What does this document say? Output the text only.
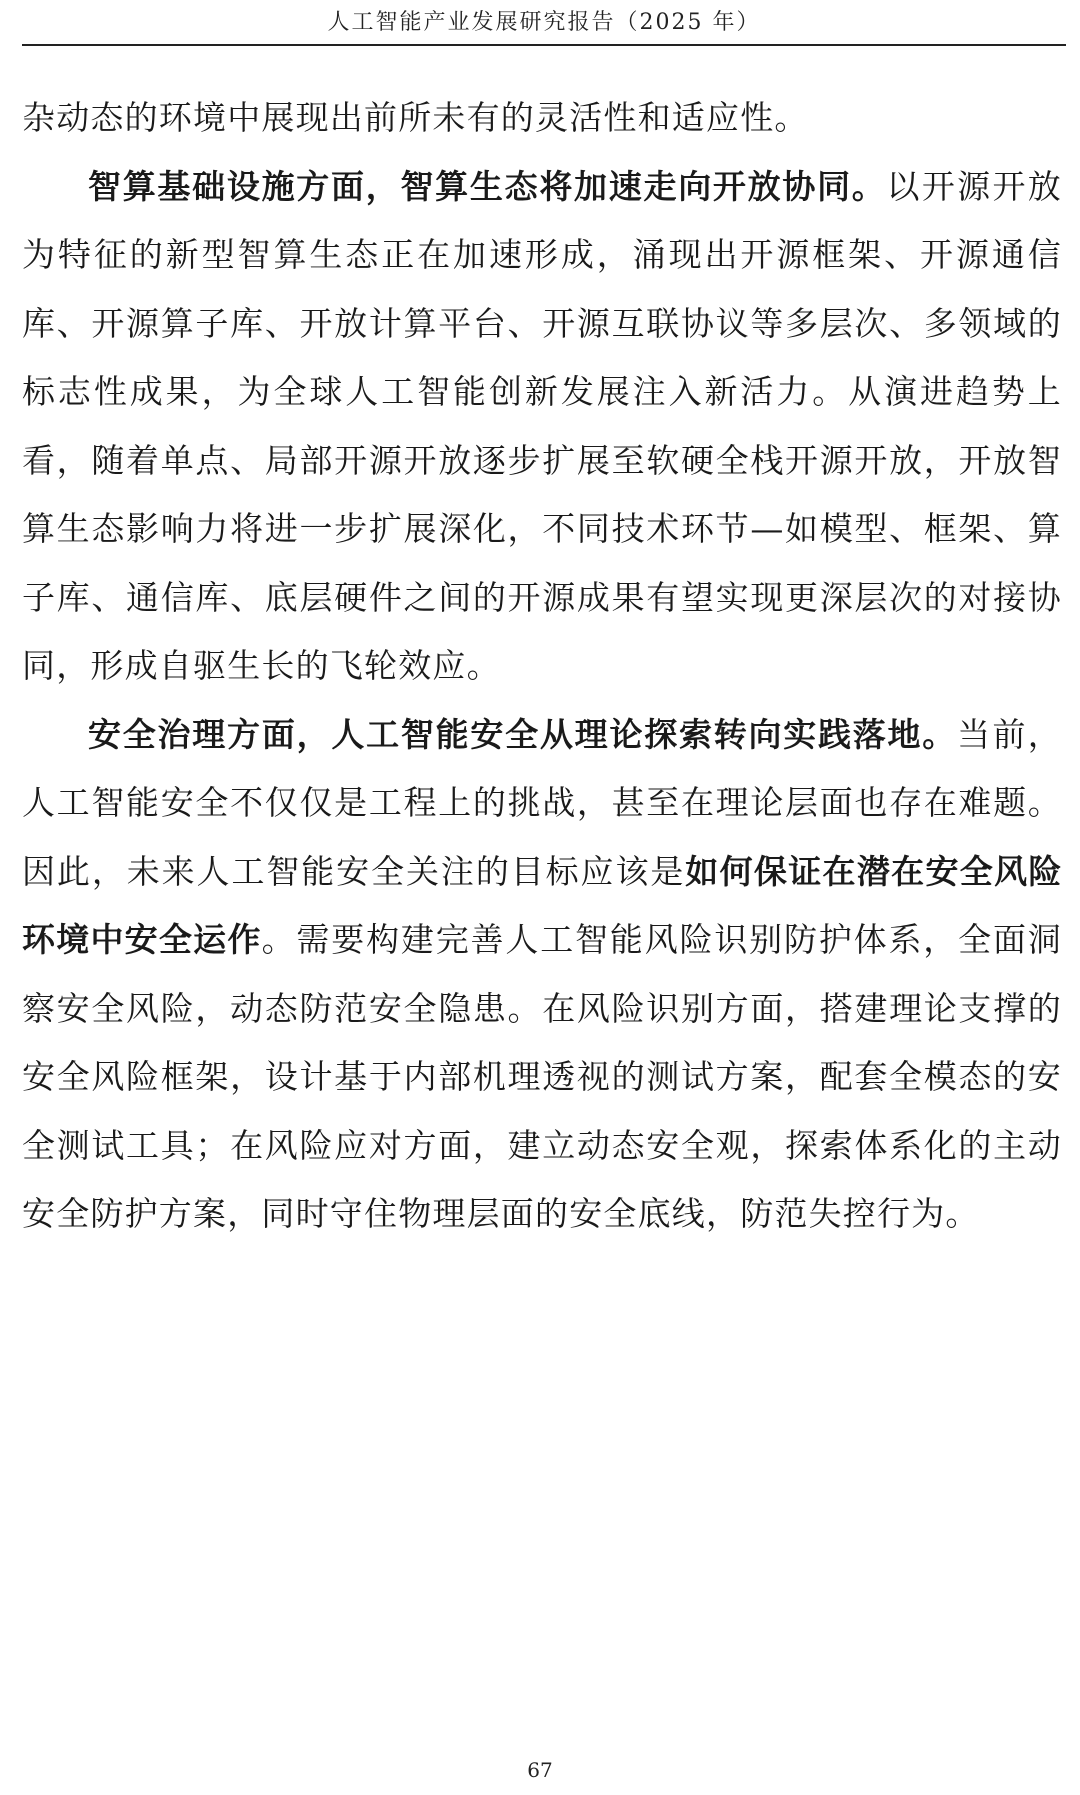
人工智能产业发展研究报告（2025 年）

杂动态的环境中展现出前所未有的灵活性和适应性。

智算基础设施方面，智算生态将加速走向开放协同。以开源开放为特征的新型智算生态正在加速形成，涌现出开源框架、开源通信库、开源算子库、开放计算平台、开源互联协议等多层次、多领域的标志性成果，为全球人工智能创新发展注入新活力。从演进趋势上看，随着单点、局部开源开放逐步扩展至软硬全栈开源开放，开放智算生态影响力将进一步扩展深化，不同技术环节—如模型、框架、算子库、通信库、底层硬件之间的开源成果有望实现更深层次的对接协同，形成自驱生长的飞轮效应。

安全治理方面，人工智能安全从理论探索转向实践落地。当前，人工智能安全不仅仅是工程上的挑战，甚至在理论层面也存在难题。因此，未来人工智能安全关注的目标应该是如何保证在潜在安全风险环境中安全运作。需要构建完善人工智能风险识别防护体系，全面洞察安全风险，动态防范安全隐患。在风险识别方面，搭建理论支撑的安全风险框架，设计基于内部机理透视的测试方案，配套全模态的安全测试工具；在风险应对方面，建立动态安全观，探索体系化的主动安全防护方案，同时守住物理层面的安全底线，防范失控行为。

67
